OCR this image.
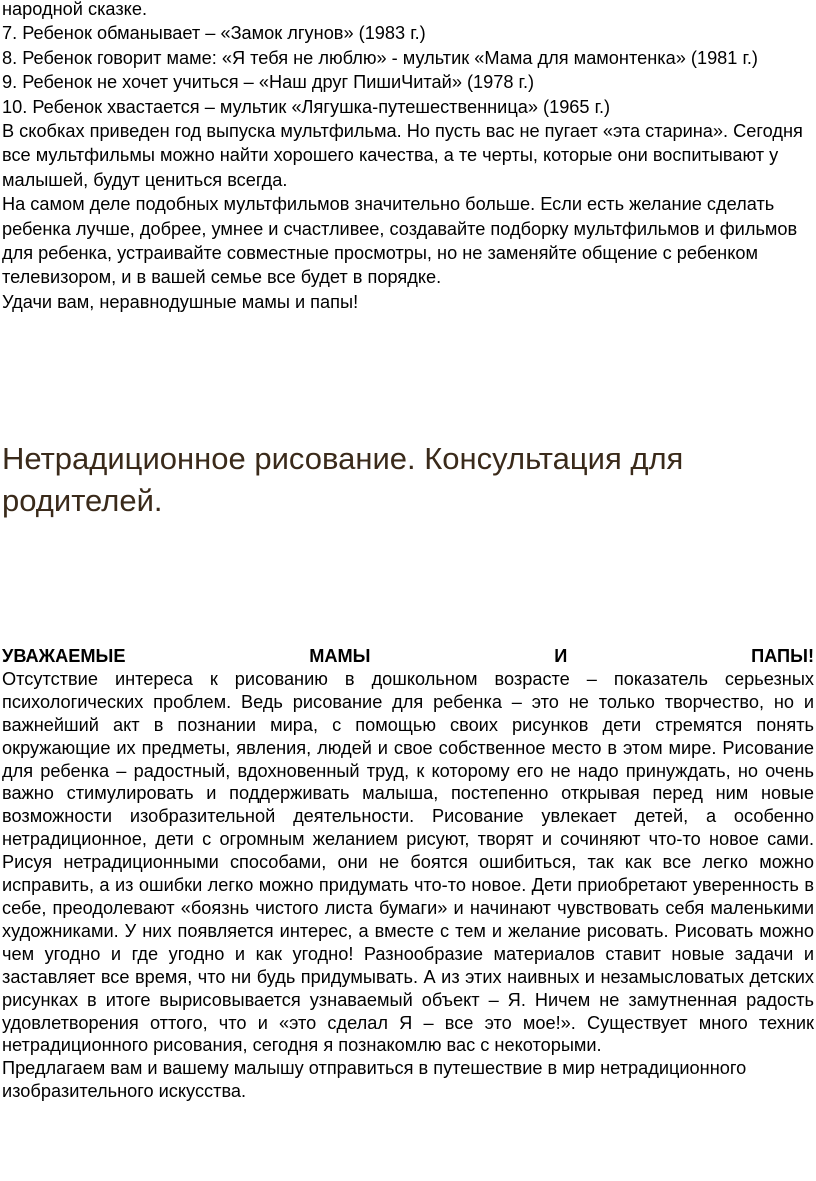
народной сказке.

7. Ребенок обманывает – «Замок лгунов» (1983 г.)

8. Ребенок говорит маме: «Я тебя не люблю» - мультик «Мама для мамонтенка» (1981 г.)

9. Ребенок не хочет учиться – «Наш друг ПишиЧитай» (1978 г.)

10. Ребенок хвастается – мультик «Лягушка-путешественница» (1965 г.)

В скобках приведен год выпуска мультфильма. Но пусть вас не пугает «эта старина». Сегодня все мультфильмы можно найти хорошего качества, а те черты, которые они воспитывают у малышей, будут цениться всегда.

На самом деле подобных мультфильмов значительно больше. Если есть желание сделать ребенка лучше, добрее, умнее и счастливее, создавайте подборку мультфильмов и фильмов для ребенка, устраивайте совместные просмотры, но не заменяйте общение с ребенком телевизором, и в вашей семье все будет в порядке.

Удачи вам, неравнодушные мамы и папы!

Нетрадиционное рисование. Консультация для родителей.
УВАЖАЕМЫЕ	МАМЫ	И	ПАПЫ!

Отсутствие интереса к рисованию в дошкольном возрасте – показатель серьезных психологических проблем. Ведь рисование для ребенка – это не только творчество, но и важнейший акт в познании мира, с помощью своих рисунков дети стремятся понять окружающие их предметы, явления, людей и свое собственное место в этом мире. Рисование для ребенка – радостный, вдохновенный труд, к которому его не надо принуждать, но очень важно стимулировать и поддерживать малыша, постепенно открывая перед ним новые возможности изобразительной деятельности. Рисование увлекает детей, а особенно нетрадиционное, дети с огромным желанием рисуют, творят и сочиняют что-то новое сами. Рисуя нетрадиционными способами, они не боятся ошибиться, так как все легко можно исправить, а из ошибки легко можно придумать что-то новое. Дети приобретают уверенность в себе, преодолевают «боязнь чистого листа бумаги» и начинают чувствовать себя маленькими художниками. У них появляется интерес, а вместе с тем и желание рисовать. Рисовать можно чем угодно и где угодно и как угодно! Разнообразие материалов ставит новые задачи и заставляет все время, что ни будь придумывать. А из этих наивных и незамысловатых детских рисунках в итоге вырисовывается узнаваемый объект – Я. Ничем не замутненная радость удовлетворения оттого, что и «это сделал Я – все это мое!». Существует много техник нетрадиционного рисования, сегодня я познакомлю вас с некоторыми.

Предлагаем вам и вашему малышу отправиться в путешествие в мир нетрадиционного изобразительного искусства.
